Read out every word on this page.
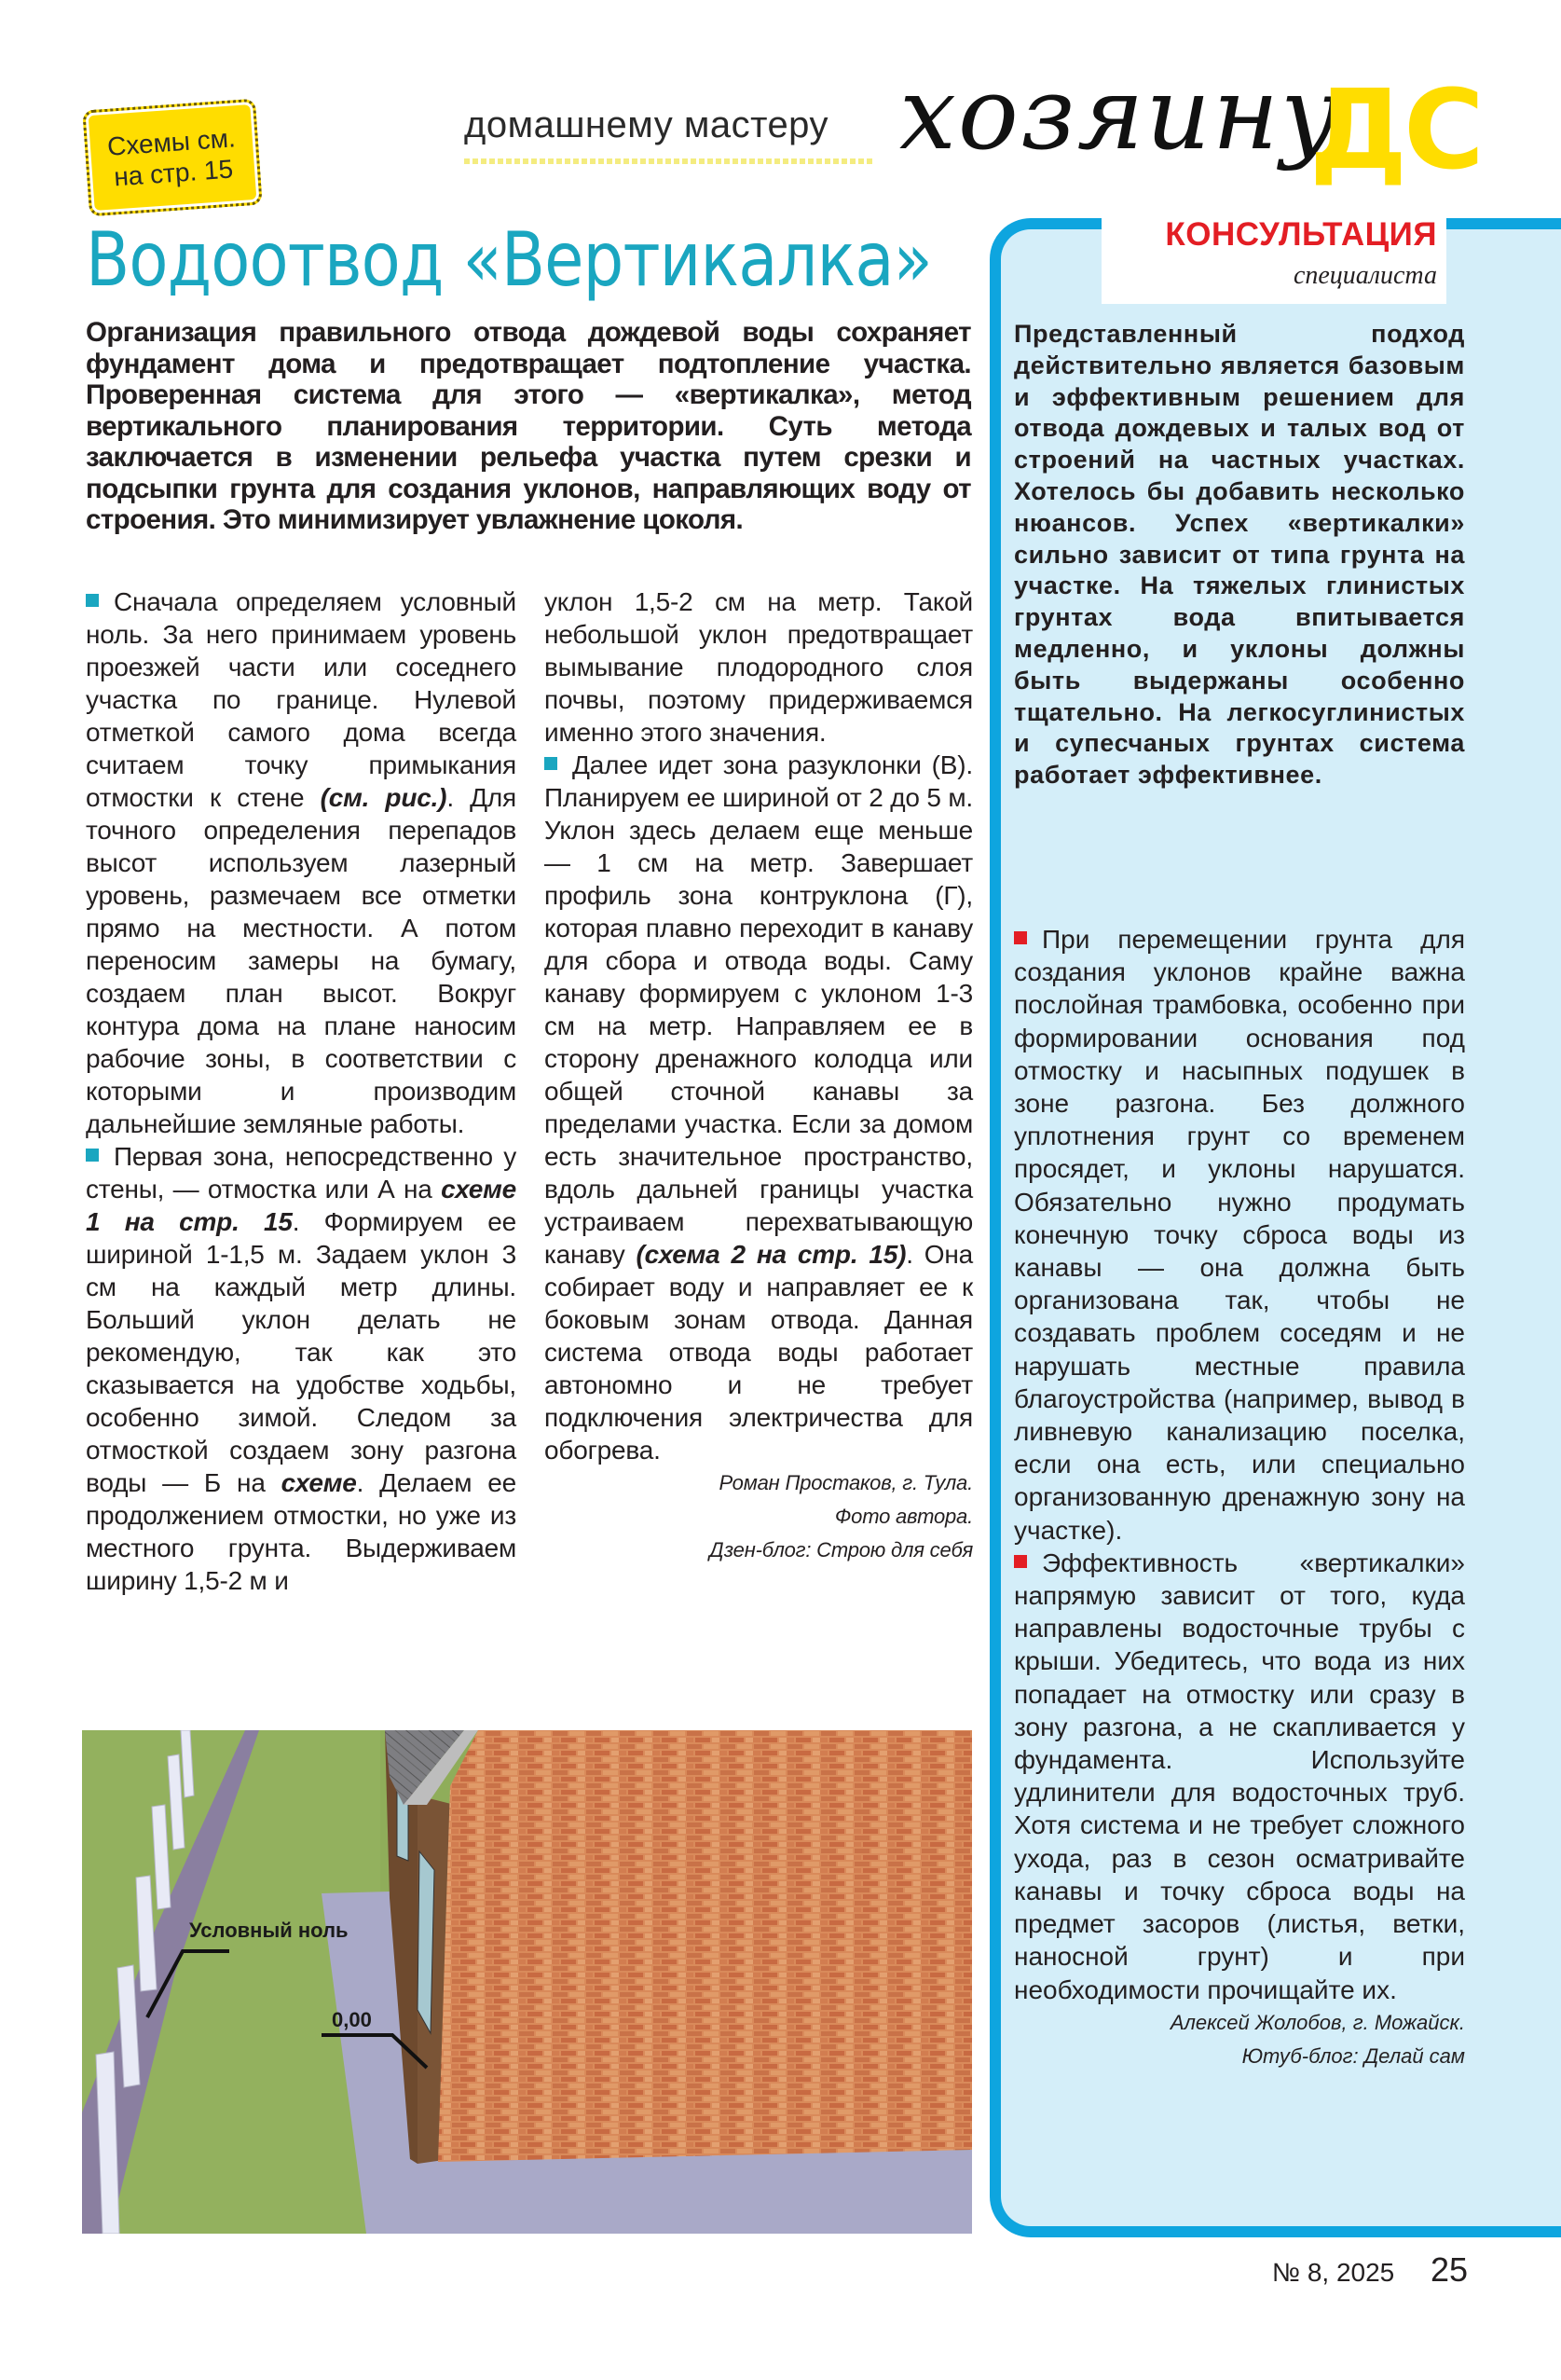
Схемы см.
на стр. 15
домашнему мастеру хозяину
ДС
Водоотвод «Вертикалка»
Организация правильного отвода дождевой воды сохраняет фундамент дома и предотвращает подтопление участка. Проверенная система для этого — «вертикалка», метод вертикального планирования территории. Суть метода заключается в изменении рельефа участка путем срезки и подсыпки грунта для создания уклонов, направляющих воду от строения. Это минимизирует увлажнение цоколя.

Сначала определяем условный ноль. За него принимаем уровень проезжей части или соседнего участка по границе. Нулевой отметкой самого дома всегда считаем точку примыкания отмостки к стене (см. рис.). Для точного определения перепадов высот используем лазерный уровень, размечаем все отметки прямо на местности. А потом переносим замеры на бумагу, создаем план высот. Вокруг контура дома на плане наносим рабочие зоны, в соответствии с которыми и производим дальнейшие земляные работы.

Первая зона, непосредственно у стены, — отмостка или А на схеме 1 на стр. 15. Формируем ее шириной 1-1,5 м. Задаем уклон 3 см на каждый метр длины. Больший уклон делать не рекомендую, так как это сказывается на удобстве ходьбы, особенно зимой. Следом за отмосткой создаем зону разгона воды — Б на схеме. Делаем ее продолжением отмостки, но уже из местного грунта. Выдерживаем ширину 1,5-2 м и

уклон 1,5-2 см на метр. Такой небольшой уклон предотвращает вымывание плодородного слоя почвы, поэтому придерживаемся именно этого значения.

Далее идет зона разуклонки (В). Планируем ее шириной от 2 до 5 м. Уклон здесь делаем еще меньше — 1 см на метр. Завершает профиль зона контруклона (Г), которая плавно переходит в канаву для сбора и отвода воды. Саму канаву формируем с уклоном 1-3 см на метр. Направляем ее в сторону дренажного колодца или общей сточной канавы за пределами участка. Если за домом есть значительное пространство, вдоль дальней границы участка устраиваем перехватывающую канаву (схема 2 на стр. 15). Она собирает воду и направляет ее к боковым зонам отвода. Данная система отвода воды работает автономно и не требует подключения электричества для обогрева.

Роман Простаков, г. Тула.
Фото автора.
Дзен-блог: Строю для себя
Условный ноль
0,00
КОНСУЛЬТАЦИЯ
специалиста
Представленный подход действительно является базовым и эффективным решением для отвода дождевых и талых вод от строений на частных участках. Хотелось бы добавить несколько нюансов. Успех «вертикалки» сильно зависит от типа грунта на участке. На тяжелых глинистых грунтах вода впитывается медленно, и уклоны должны быть выдержаны особенно тщательно. На легкосуглинистых и супесчаных грунтах система работает эффективнее.

При перемещении грунта для создания уклонов крайне важна послойная трамбовка, особенно при формировании основания под отмостку и насыпных подушек в зоне разгона. Без должного уплотнения грунт со временем просядет, и уклоны нарушатся. Обязательно нужно продумать конечную точку сброса воды из канавы — она должна быть организована так, чтобы не создавать проблем соседям и не нарушать местные правила благоустройства (например, вывод в ливневую канализацию поселка, если она есть, или специально организованную дренажную зону на участке).

Эффективность «вертикалки» напрямую зависит от того, куда направлены водосточные трубы с крыши. Убедитесь, что вода из них попадает на отмостку или сразу в зону разгона, а не скапливается у фундамента. Используйте удлинители для водосточных труб. Хотя система и не требует сложного ухода, раз в сезон осматривайте канавы и точку сброса воды на предмет засоров (листья, ветки, наносной грунт) и при необходимости прочищайте их.

Алексей Жолобов, г. Можайск.
Ютуб-блог: Делай сам
№ 8, 2025 25
